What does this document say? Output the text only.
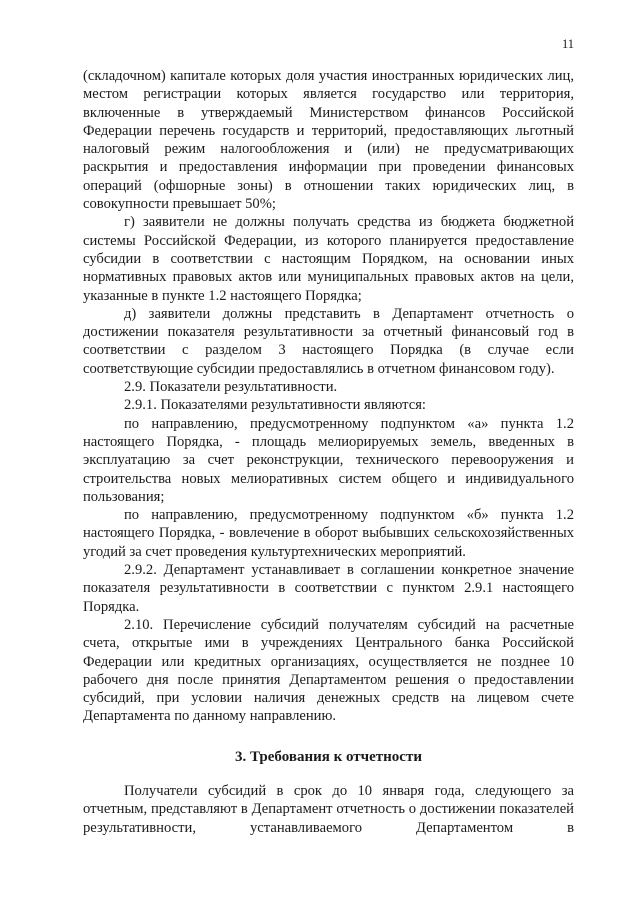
11

(складочном) капитале которых доля участия иностранных юридических лиц, местом регистрации которых является государство или территория, включенные в утверждаемый Министерством финансов Российской Федерации перечень государств и территорий, предоставляющих льготный налоговый режим налогообложения и (или) не предусматривающих раскрытия и предоставления информации при проведении финансовых операций (офшорные зоны) в отношении таких юридических лиц, в совокупности превышает 50%;

г) заявители не должны получать средства из бюджета бюджетной системы Российской Федерации, из которого планируется предоставление субсидии в соответствии с настоящим Порядком, на основании иных нормативных правовых актов или муниципальных правовых актов на цели, указанные в пункте 1.2 настоящего Порядка;

д) заявители должны представить в Департамент отчетность о достижении показателя результативности за отчетный финансовый год в соответствии с разделом 3 настоящего Порядка (в случае если соответствующие субсидии предоставлялись в отчетном финансовом году).

2.9. Показатели результативности.

2.9.1. Показателями результативности являются:

по направлению, предусмотренному подпунктом «а» пункта 1.2 настоящего Порядка, - площадь мелиорируемых земель, введенных в эксплуатацию за счет реконструкции, технического перевооружения и строительства новых мелиоративных систем общего и индивидуального пользования;

по направлению, предусмотренному подпунктом «б» пункта 1.2 настоящего Порядка, - вовлечение в оборот выбывших сельскохозяйственных угодий за счет проведения культуртехнических мероприятий.

2.9.2. Департамент устанавливает в соглашении конкретное значение показателя результативности в соответствии с пунктом 2.9.1 настоящего Порядка.

2.10. Перечисление субсидий получателям субсидий на расчетные счета, открытые ими в учреждениях Центрального банка Российской Федерации или кредитных организациях, осуществляется не позднее 10 рабочего дня после принятия Департаментом решения о предоставлении субсидий, при условии наличия денежных средств на лицевом счете Департамента по данному направлению.

3. Требования к отчетности

Получатели субсидий в срок до 10 января года, следующего за отчетным, представляют в Департамент отчетность о достижении показателей результативности, устанавливаемого Департаментом в
